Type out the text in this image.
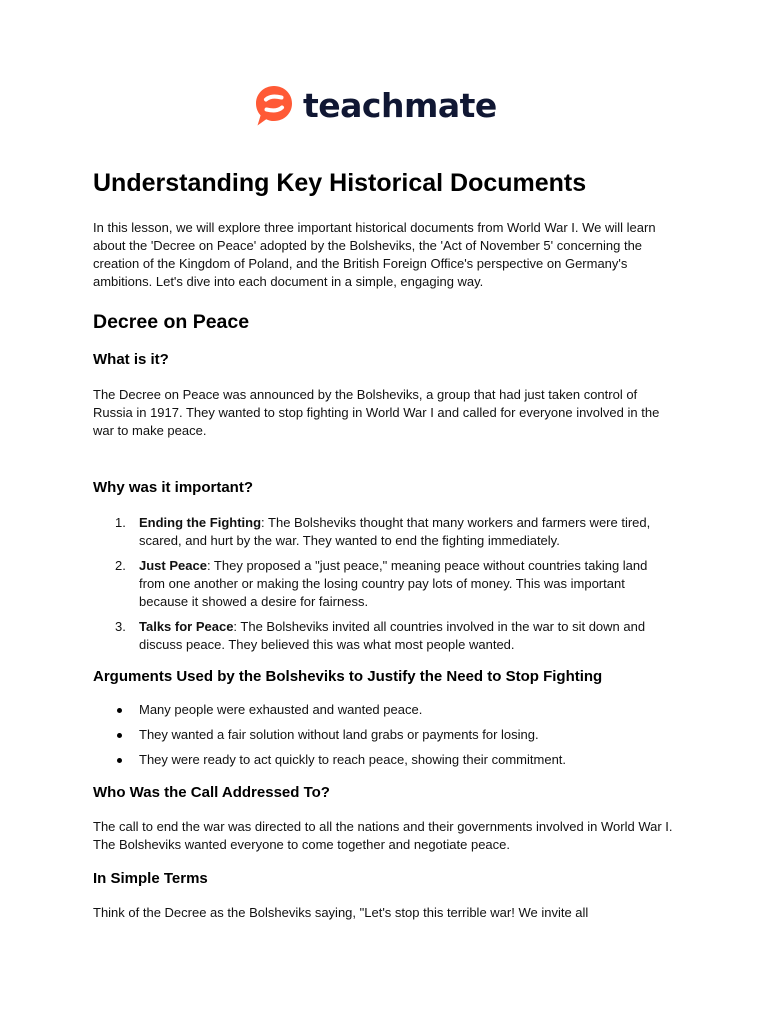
teachmate
Understanding Key Historical Documents

In this lesson, we will explore three important historical documents from World War I. We will learn about the 'Decree on Peace' adopted by the Bolsheviks, the 'Act of November 5' concerning the creation of the Kingdom of Poland, and the British Foreign Office's perspective on Germany's ambitions. Let's dive into each document in a simple, engaging way.

Decree on Peace
What is it?

The Decree on Peace was announced by the Bolsheviks, a group that had just taken control of Russia in 1917. They wanted to stop fighting in World War I and called for everyone involved in the war to make peace.

Why was it important?
1. Ending the Fighting: The Bolsheviks thought that many workers and farmers were tired, scared, and hurt by the war. They wanted to end the fighting immediately.
2. Just Peace: They proposed a "just peace," meaning peace without countries taking land from one another or making the losing country pay lots of money. This was important because it showed a desire for fairness.
3. Talks for Peace: The Bolsheviks invited all countries involved in the war to sit down and discuss peace. They believed this was what most people wanted.
Arguments Used by the Bolsheviks to Justify the Need to Stop Fighting
Many people were exhausted and wanted peace.
They wanted a fair solution without land grabs or payments for losing.
They were ready to act quickly to reach peace, showing their commitment.
Who Was the Call Addressed To?

The call to end the war was directed to all the nations and their governments involved in World War I. The Bolsheviks wanted everyone to come together and negotiate peace.

In Simple Terms

Think of the Decree as the Bolsheviks saying, "Let's stop this terrible war! We invite all
